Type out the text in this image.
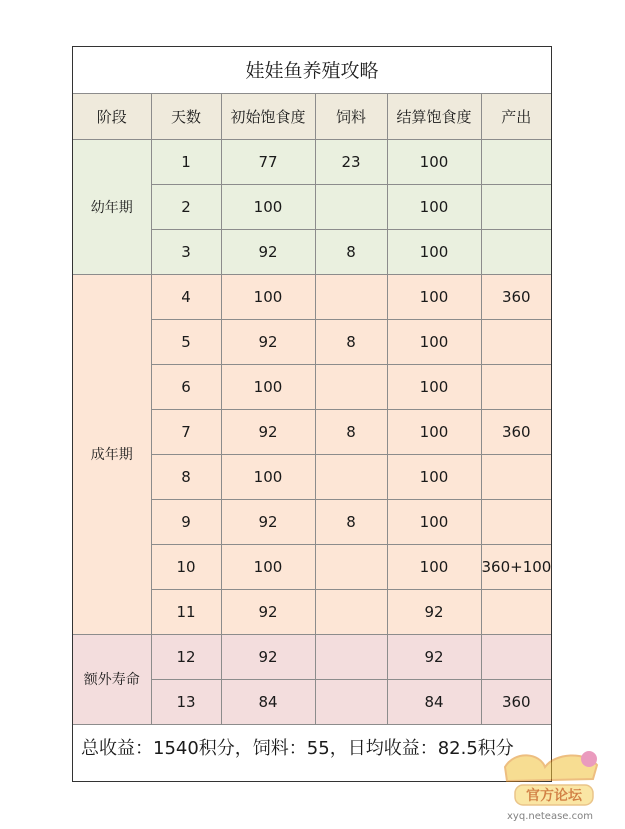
娃娃鱼养殖攻略					
阶段	天数	初始饱食度	饲料	结算饱食度	产出
幼年期	1	77	23	100	
	2	100		100	
	3	92	8	100	
成年期	4	100		100	360
	5	92	8	100	
	6	100		100	
	7	92	8	100	360
	8	100		100	
	9	92	8	100	
	10	100		100	360+100
	11	92		92	
额外寿命	12	92		92	
	13	84		84	360
总收益：1540积分，饲料：55，日均收益：82.5积分					
官方论坛
xyq.netease.com
